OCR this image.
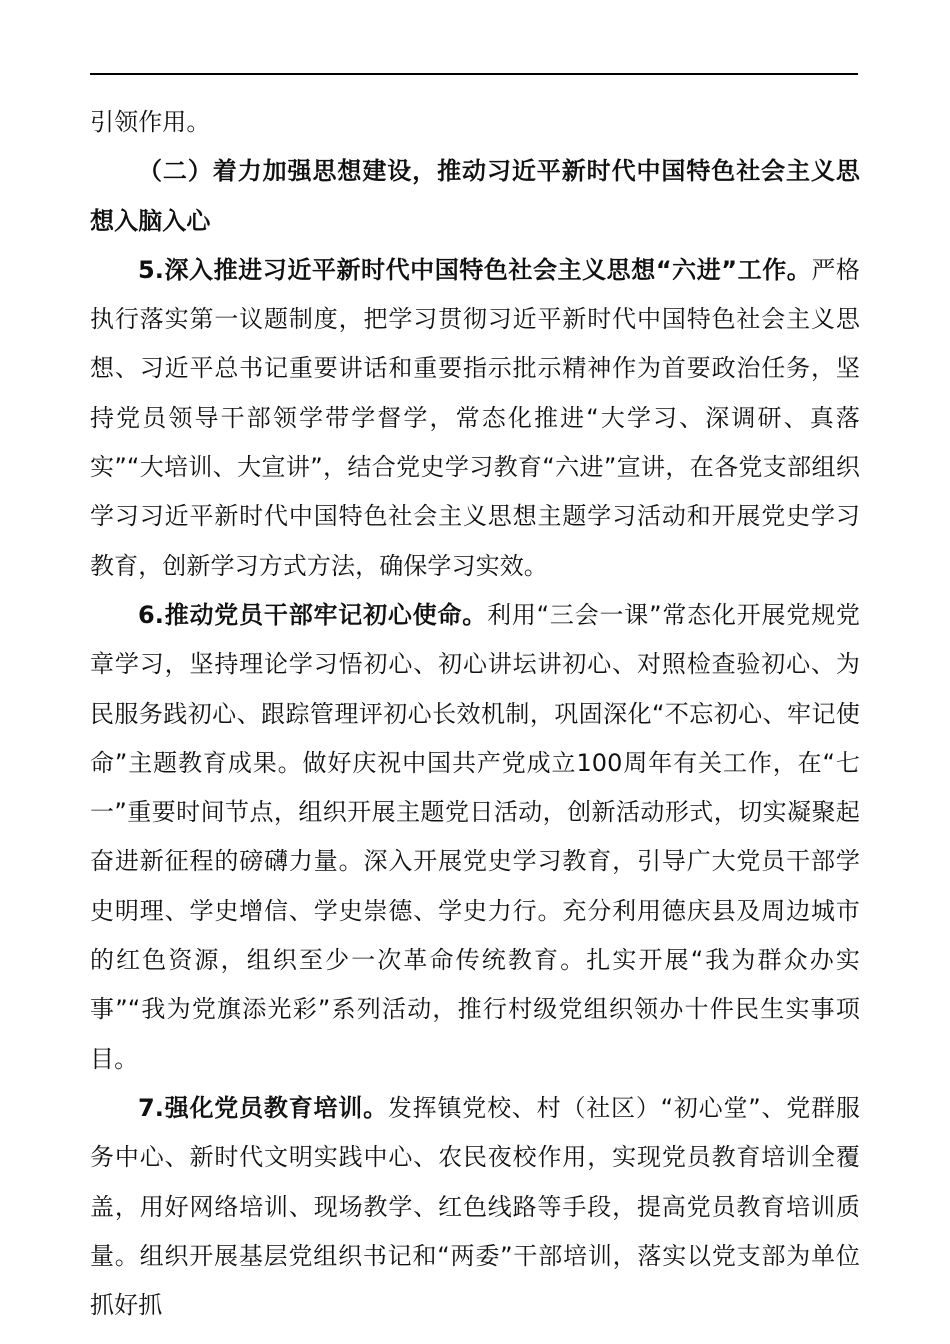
引领作用。

（二）着力加强思想建设，推动习近平新时代中国特色社会主义思想入脑入心

5.深入推进习近平新时代中国特色社会主义思想“六进”工作。严格执行落实第一议题制度，把学习贯彻习近平新时代中国特色社会主义思想、习近平总书记重要讲话和重要指示批示精神作为首要政治任务，坚持党员领导干部领学带学督学，常态化推进“大学习、深调研、真落实”“大培训、大宣讲”，结合党史学习教育“六进”宣讲，在各党支部组织学习习近平新时代中国特色社会主义思想主题学习活动和开展党史学习教育，创新学习方式方法，确保学习实效。

6.推动党员干部牢记初心使命。利用“三会一课”常态化开展党规党章学习，坚持理论学习悟初心、初心讲坛讲初心、对照检查验初心、为民服务践初心、跟踪管理评初心长效机制，巩固深化“不忘初心、牢记使命”主题教育成果。做好庆祝中国共产党成立100周年有关工作，在“七一”重要时间节点，组织开展主题党日活动，创新活动形式，切实凝聚起奋进新征程的磅礴力量。深入开展党史学习教育，引导广大党员干部学史明理、学史增信、学史崇德、学史力行。充分利用德庆县及周边城市的红色资源，组织至少一次革命传统教育。扎实开展“我为群众办实事”“我为党旗添光彩”系列活动，推行村级党组织领办十件民生实事项目。

7.强化党员教育培训。发挥镇党校、村（社区）“初心堂”、党群服务中心、新时代文明实践中心、农民夜校作用，实现党员教育培训全覆盖，用好网络培训、现场教学、红色线路等手段，提高党员教育培训质量。组织开展基层党组织书记和“两委”干部培训，落实以党支部为单位抓好抓
